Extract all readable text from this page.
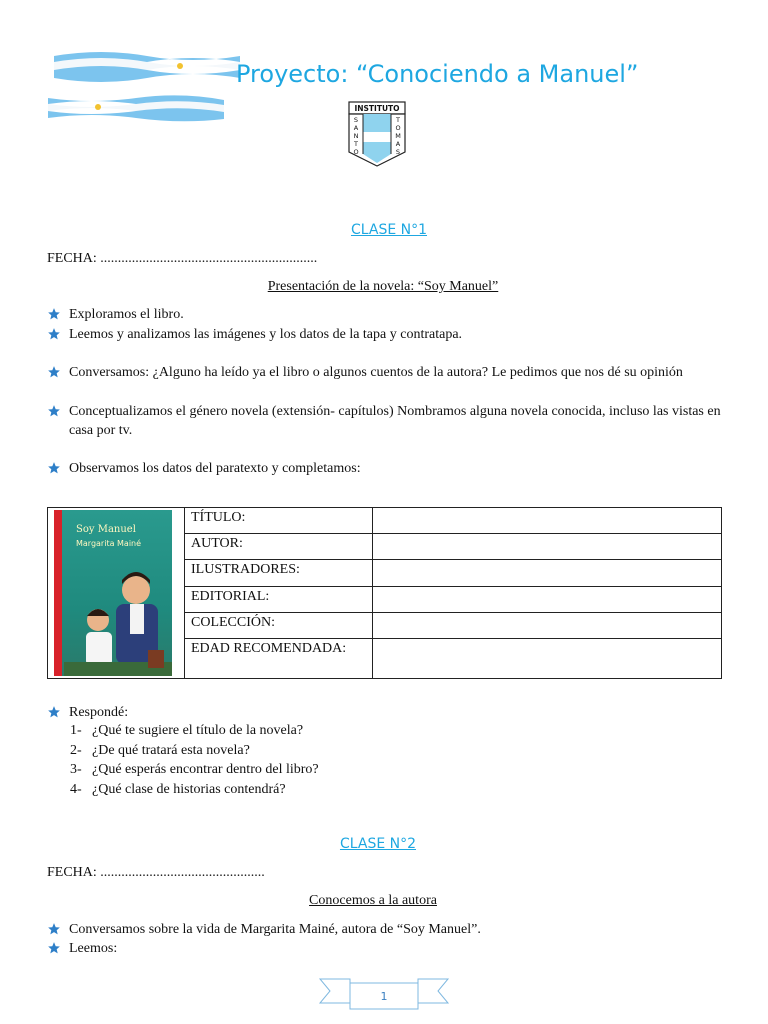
Proyecto: “Conociendo a Manuel”
INSTITUTO
S
A
N
T
O
T
O
M
A
S
CLASE N°1
FECHA: ..............................................................
Presentación de la novela: “Soy Manuel”
Exploramos el libro.
Leemos y analizamos las imágenes y los datos de la tapa y contratapa.
Conversamos: ¿Alguno ha leído ya el libro o algunos cuentos de la autora? Le pedimos que nos dé su opinión
Conceptualizamos el género novela (extensión- capítulos) Nombramos alguna novela conocida, incluso las vistas en casa por tv.
Observamos los datos del paratexto y completamos:
Soy Manuel
Margarita Mainé	TÍTULO:	
	AUTOR:	
	ILUSTRADORES:	
	EDITORIAL:	
	COLECCIÓN:	
	EDAD RECOMENDADA:	
Respondé:
1- ¿Qué te sugiere el título de la novela?
2- ¿De qué tratará esta novela?
3- ¿Qué esperás encontrar dentro del libro?
4- ¿Qué clase de historias contendrá?
CLASE N°2
FECHA: ...............................................
Conocemos a la autora
Conversamos sobre la vida de Margarita Mainé, autora de “Soy Manuel”.
Leemos:
1
